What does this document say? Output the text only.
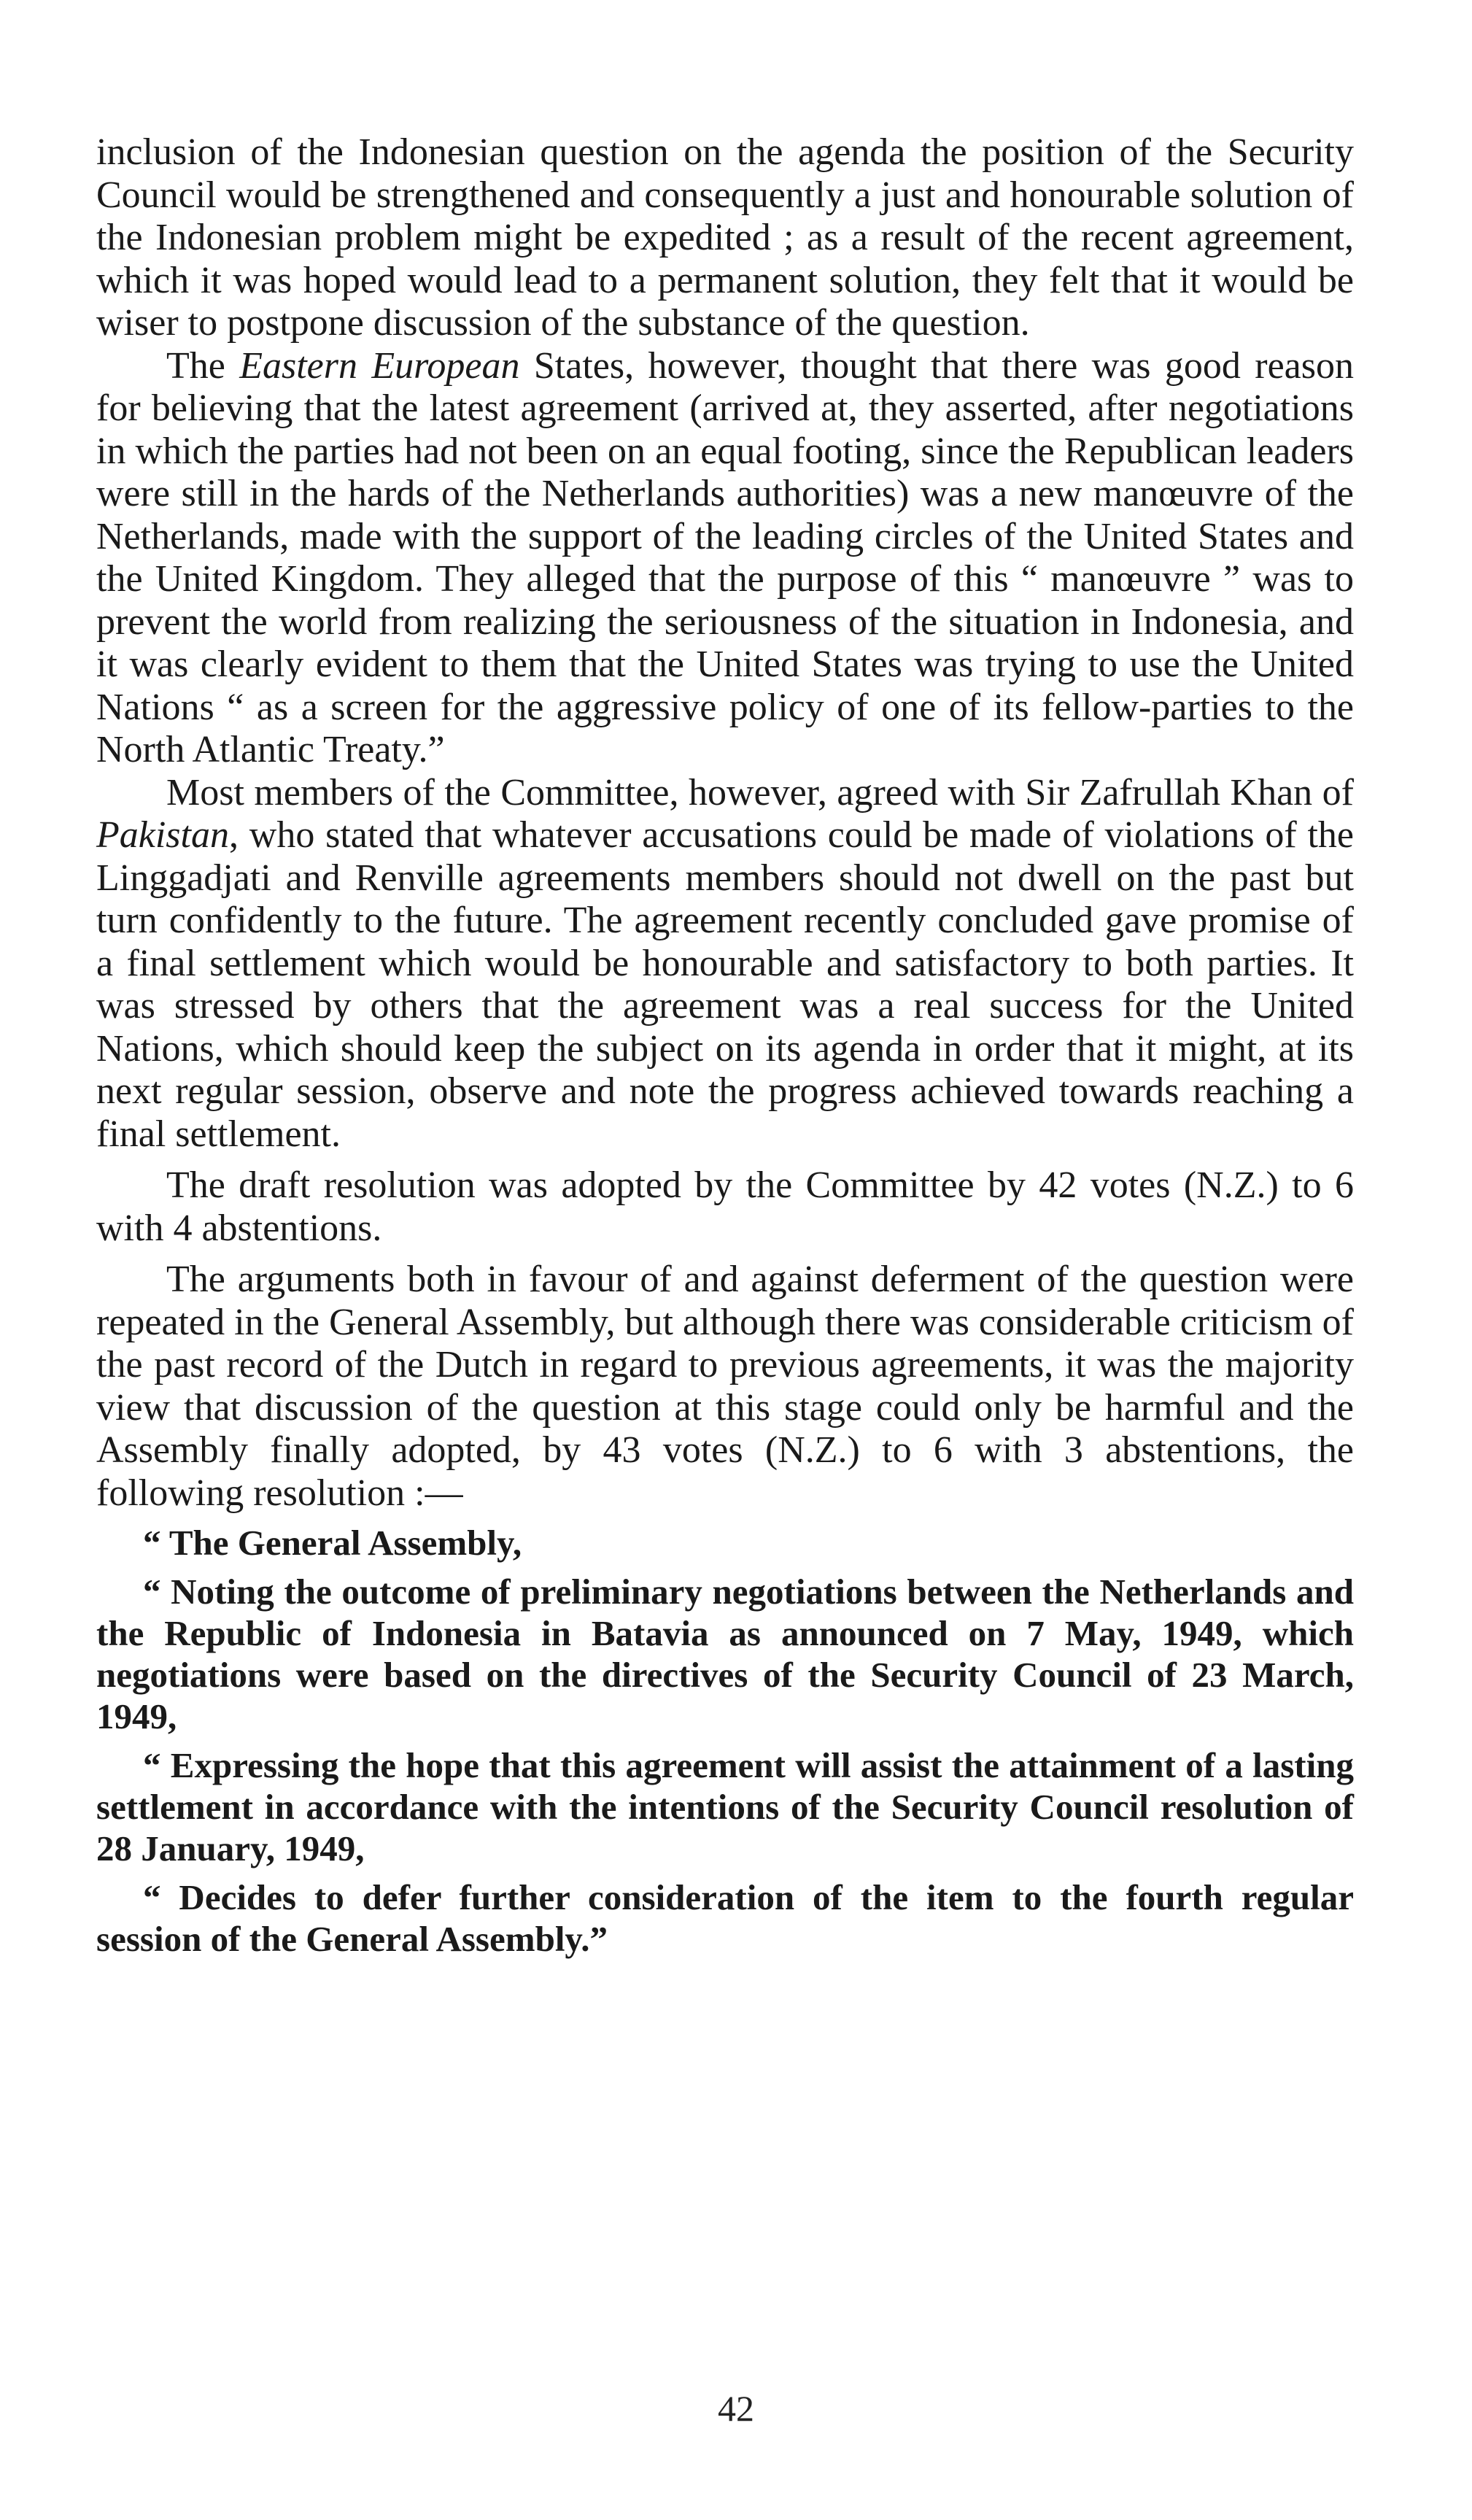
inclusion of the Indonesian question on the agenda the position of the Security Council would be strengthened and consequently a just and honourable solution of the Indonesian problem might be expedited ; as a result of the recent agreement, which it was hoped would lead to a permanent solution, they felt that it would be wiser to postpone discussion of the substance of the question.

The Eastern European States, however, thought that there was good reason for believing that the latest agreement (arrived at, they asserted, after negotiations in which the parties had not been on an equal footing, since the Republican leaders were still in the hards of the Netherlands authorities) was a new manœuvre of the Netherlands, made with the support of the leading circles of the United States and the United Kingdom. They alleged that the purpose of this “ manœuvre ” was to prevent the world from realizing the seriousness of the situation in Indonesia, and it was clearly evident to them that the United States was trying to use the United Nations “ as a screen for the aggressive policy of one of its fellow-parties to the North Atlantic Treaty.”

Most members of the Committee, however, agreed with Sir Zafrullah Khan of Pakistan, who stated that whatever accusations could be made of violations of the Linggadjati and Renville agreements members should not dwell on the past but turn confidently to the future. The agreement recently concluded gave promise of a final settlement which would be honourable and satisfactory to both parties. It was stressed by others that the agreement was a real success for the United Nations, which should keep the subject on its agenda in order that it might, at its next regular session, observe and note the progress achieved towards reaching a final settlement.

The draft resolution was adopted by the Committee by 42 votes (N.Z.) to 6 with 4 abstentions.

The arguments both in favour of and against deferment of the question were repeated in the General Assembly, but although there was considerable criticism of the past record of the Dutch in regard to previous agreements, it was the majority view that discussion of the question at this stage could only be harmful and the Assembly finally adopted, by 43 votes (N.Z.) to 6 with 3 abstentions, the following resolution :—

“ The General Assembly,

“ Noting the outcome of preliminary negotiations between the Netherlands and the Republic of Indonesia in Batavia as announced on 7 May, 1949, which negotiations were based on the directives of the Security Council of 23 March, 1949,

“ Expressing the hope that this agreement will assist the attainment of a lasting settlement in accordance with the intentions of the Security Council resolution of 28 January, 1949,

“ Decides to defer further consideration of the item to the fourth regular session of the General Assembly.”

42
